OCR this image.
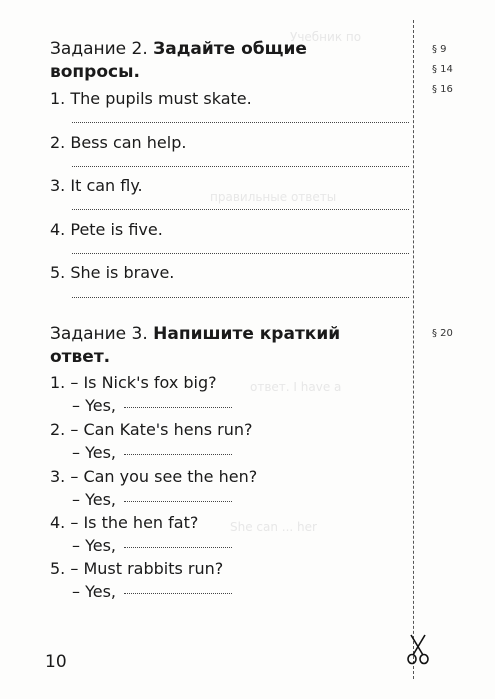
Учебник по
правильные ответы
ответ. I have a
She can ... her
§ 9
§ 14
§ 16
§ 20
Задание 2. Задайте общие
вопросы.
1. The pupils must skate.
2. Bess can help.
3. It can fly.
4. Pete is five.
5. She is brave.
Задание 3. Напишите краткий
ответ.
1. – Is Nick's fox big?
– Yes,
2. – Can Kate's hens run?
– Yes,
3. – Can you see the hen?
– Yes,
4. – Is the hen fat?
– Yes,
5. – Must rabbits run?
– Yes,
10
